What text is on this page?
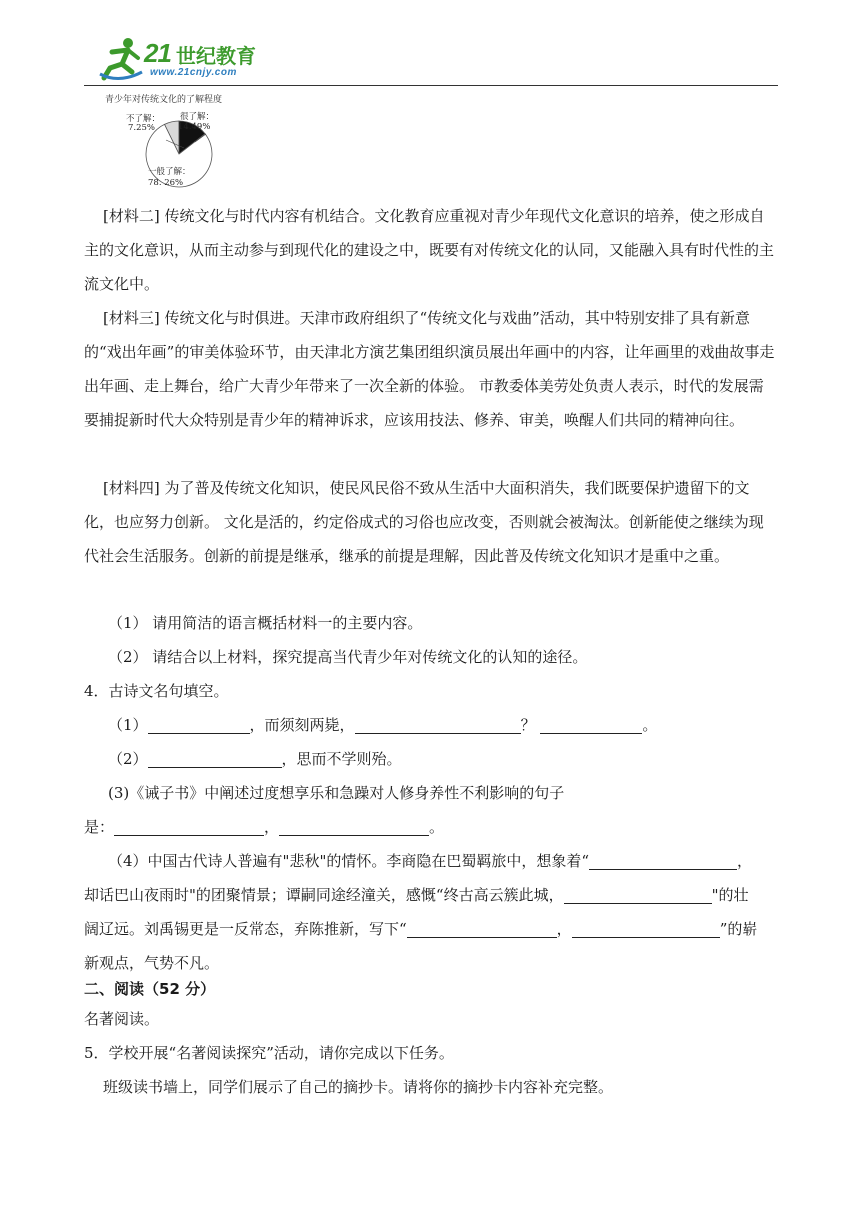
21 世纪教育
www.21cnjy.com
青少年对传统文化的了解程度
不了解：
7.25%
很了解：
14.49%
一般了解：
78. 26%

[材料二] 传统文化与时代内容有机结合。文化教育应重视对青少年现代文化意识的培养，使之形成自主的文化意识，从而主动参与到现代化的建设之中，既要有对传统文化的认同，又能融入具有时代性的主流文化中。

[材料三] 传统文化与时俱进。天津市政府组织了“传统文化与戏曲”活动，其中特别安排了具有新意的“戏出年画”的审美体验环节，由天津北方演艺集团组织演员展出年画中的内容，让年画里的戏曲故事走出年画、走上舞台，给广大青少年带来了一次全新的体验。 市教委体美劳处负责人表示，时代的发展需要捕捉新时代大众特别是青少年的精神诉求，应该用技法、修养、审美，唤醒人们共同的精神向往。

[材料四] 为了普及传统文化知识，使民风民俗不致从生活中大面积消失，我们既要保护遗留下的文化，也应努力创新。 文化是活的，约定俗成式的习俗也应改变，否则就会被淘汰。创新能使之继续为现代社会生活服务。创新的前提是继承，继承的前提是理解，因此普及传统文化知识才是重中之重。

（1） 请用简洁的语言概括材料一的主要内容。
（2） 请结合以上材料，探究提高当代青少年对传统文化的认知的途径。
4．古诗文名句填空。
（1）	，而须刻两毙，	？	。
（2）	，思而不学则殆。
(3)《诫子书》中阐述过度想享乐和急躁对人修身养性不利影响的句子
是：	，	。
（4）中国古代诗人普遍有"悲秋"的情怀。李商隐在巴蜀羁旅中，想象着“	，
却话巴山夜雨时"的团聚情景；谭嗣同途经潼关，感慨“终古高云簇此城，	"的壮
阔辽远。刘禹锡更是一反常态，弃陈推新，写下“	，	”的崭
新观点，气势不凡。
二、阅读（52 分）
名著阅读。
5．学校开展“名著阅读探究”活动，请你完成以下任务。
班级读书墙上，同学们展示了自己的摘抄卡。请将你的摘抄卡内容补充完整。
